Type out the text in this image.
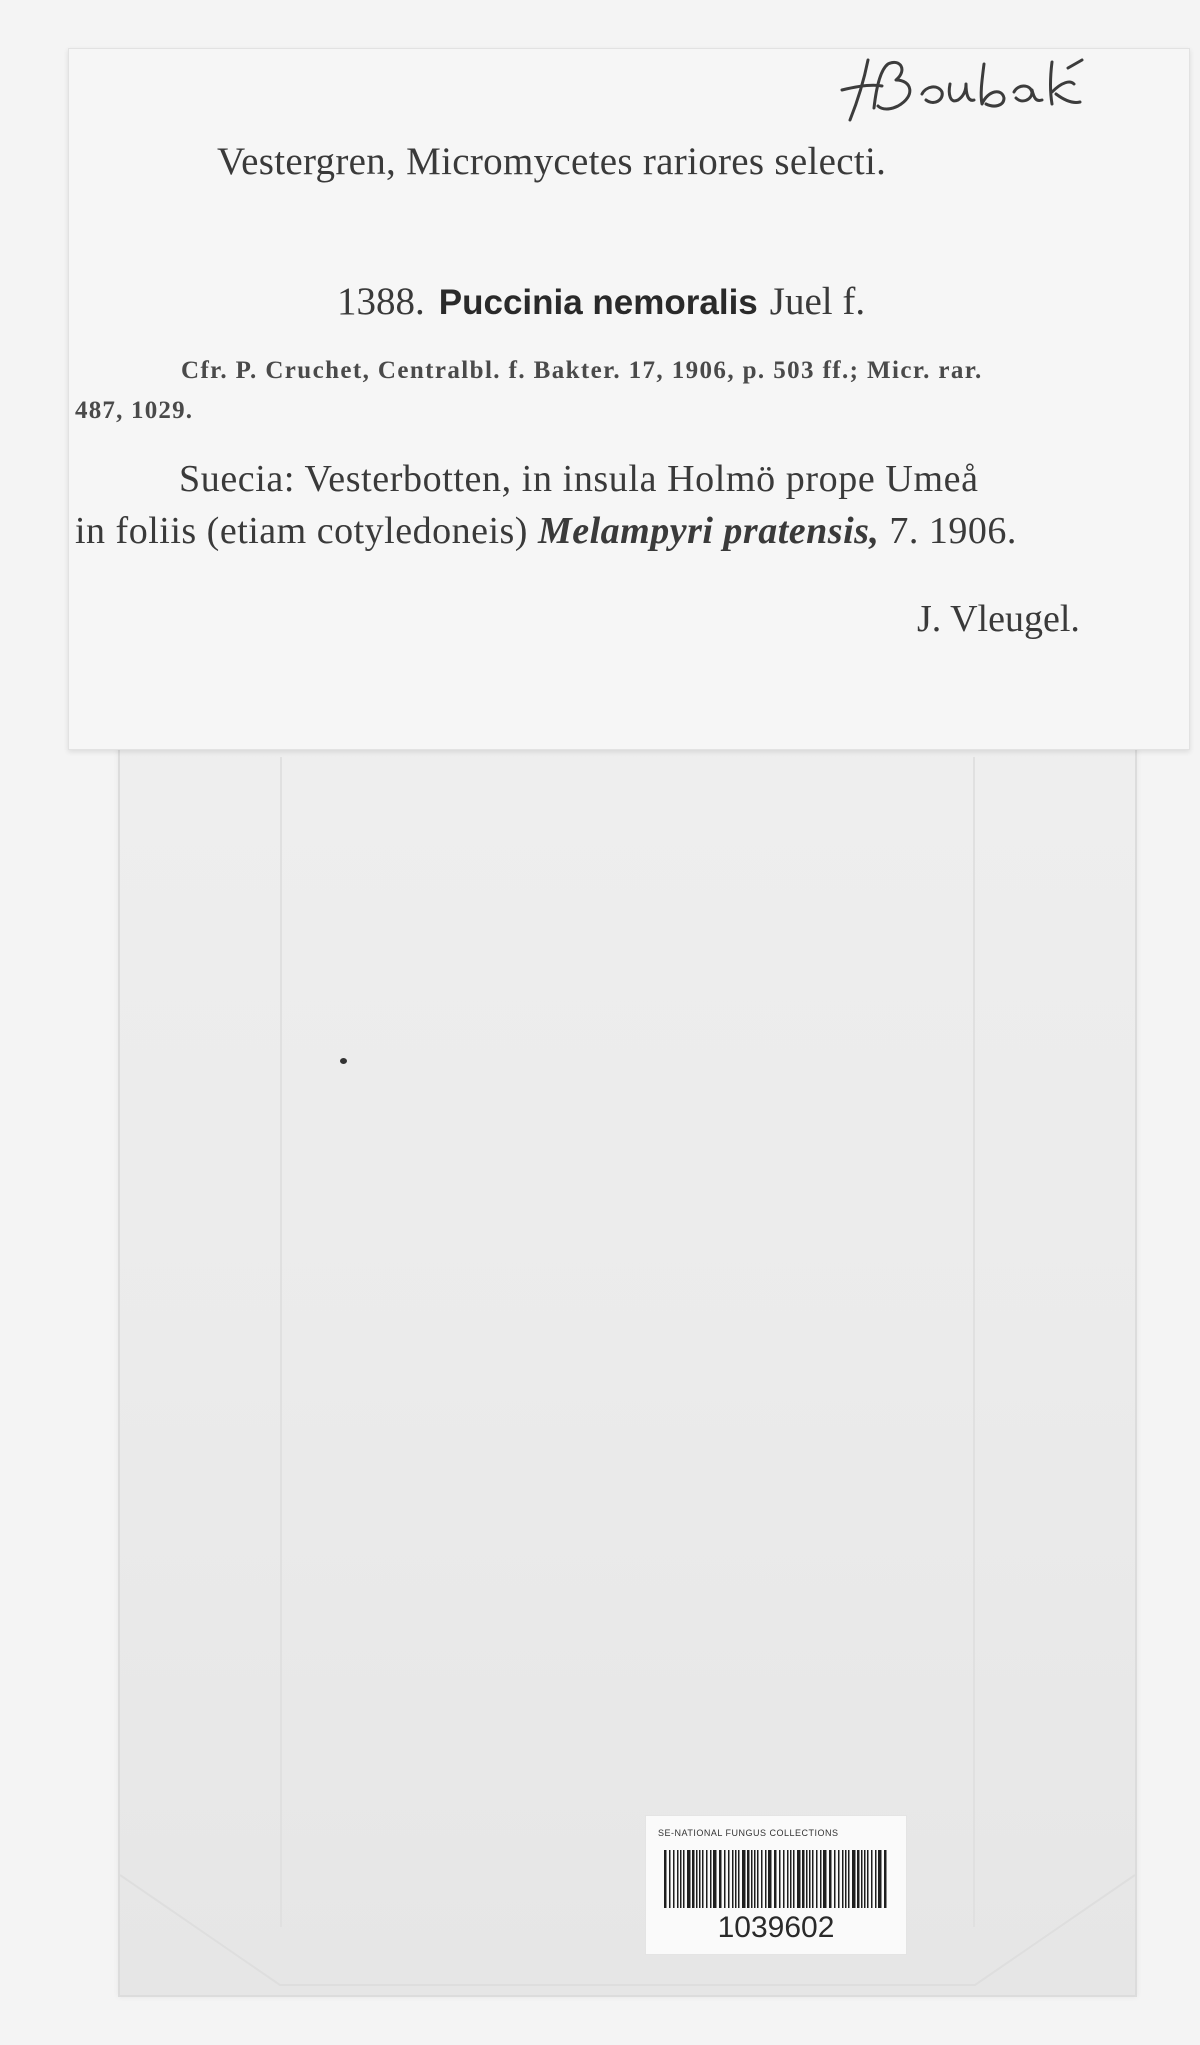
Vestergren, Micromycetes rariores selecti.
1388. Puccinia nemoralis Juel f.
Cfr. P. Cruchet, Centralbl. f. Bakter. 17, 1906, p. 503 ff.; Micr. rar.
487, 1029.
Suecia: Vesterbotten, in insula Holmö prope Umeå
in foliis (etiam cotyledoneis) Melampyri pratensis, 7. 1906.
J. Vleugel.
SE-NATIONAL FUNGUS COLLECTIONS
1039602
